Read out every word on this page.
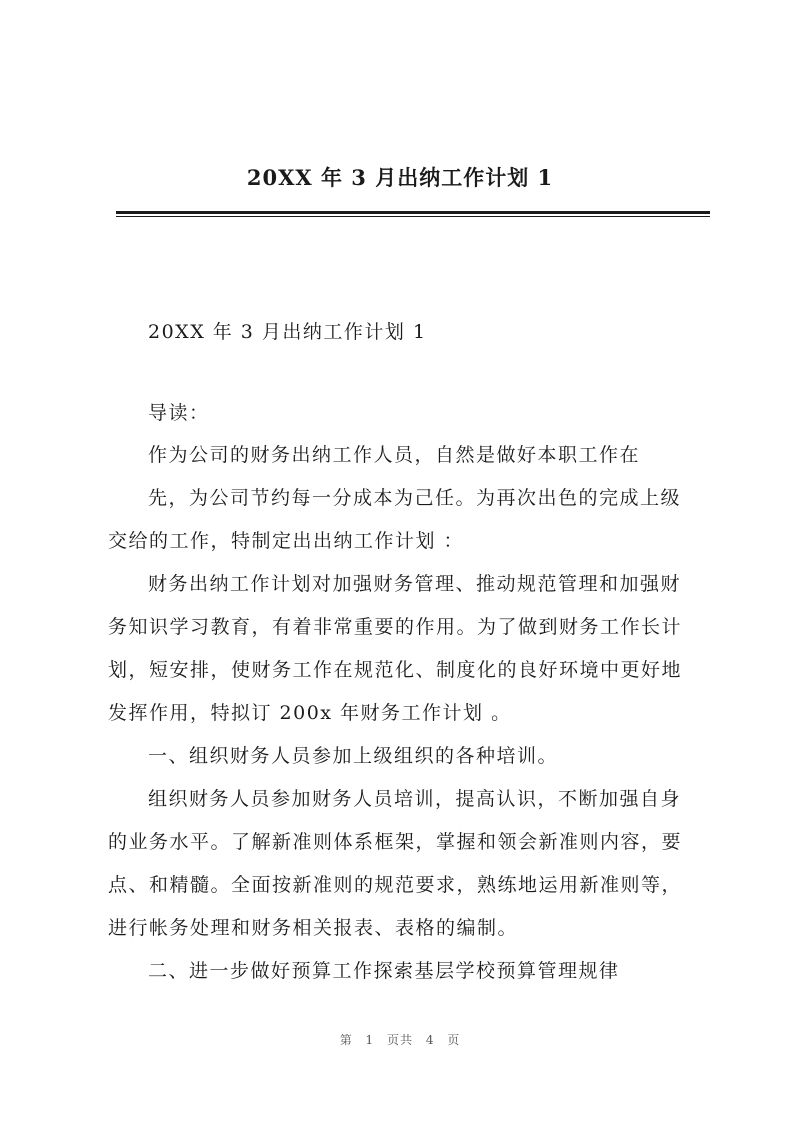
20XX 年 3 月出纳工作计划 1
20XX 年 3 月出纳工作计划 1
导读：
作为公司的财务出纳工作人员，自然是做好本职工作在
先，为公司节约每一分成本为己任。为再次出色的完成上级
交给的工作，特制定出出纳工作计划 ：
财务出纳工作计划对加强财务管理、推动规范管理和加强财
务知识学习教育，有着非常重要的作用。为了做到财务工作长计
划，短安排，使财务工作在规范化、制度化的良好环境中更好地
发挥作用，特拟订 200x 年财务工作计划 。
一、组织财务人员参加上级组织的各种培训。
组织财务人员参加财务人员培训，提高认识，不断加强自身
的业务水平。了解新准则体系框架，掌握和领会新准则内容，要
点、和精髓。全面按新准则的规范要求，熟练地运用新准则等，
进行帐务处理和财务相关报表、表格的编制。
二、进一步做好预算工作探索基层学校预算管理规律
第 1 页共 4 页
